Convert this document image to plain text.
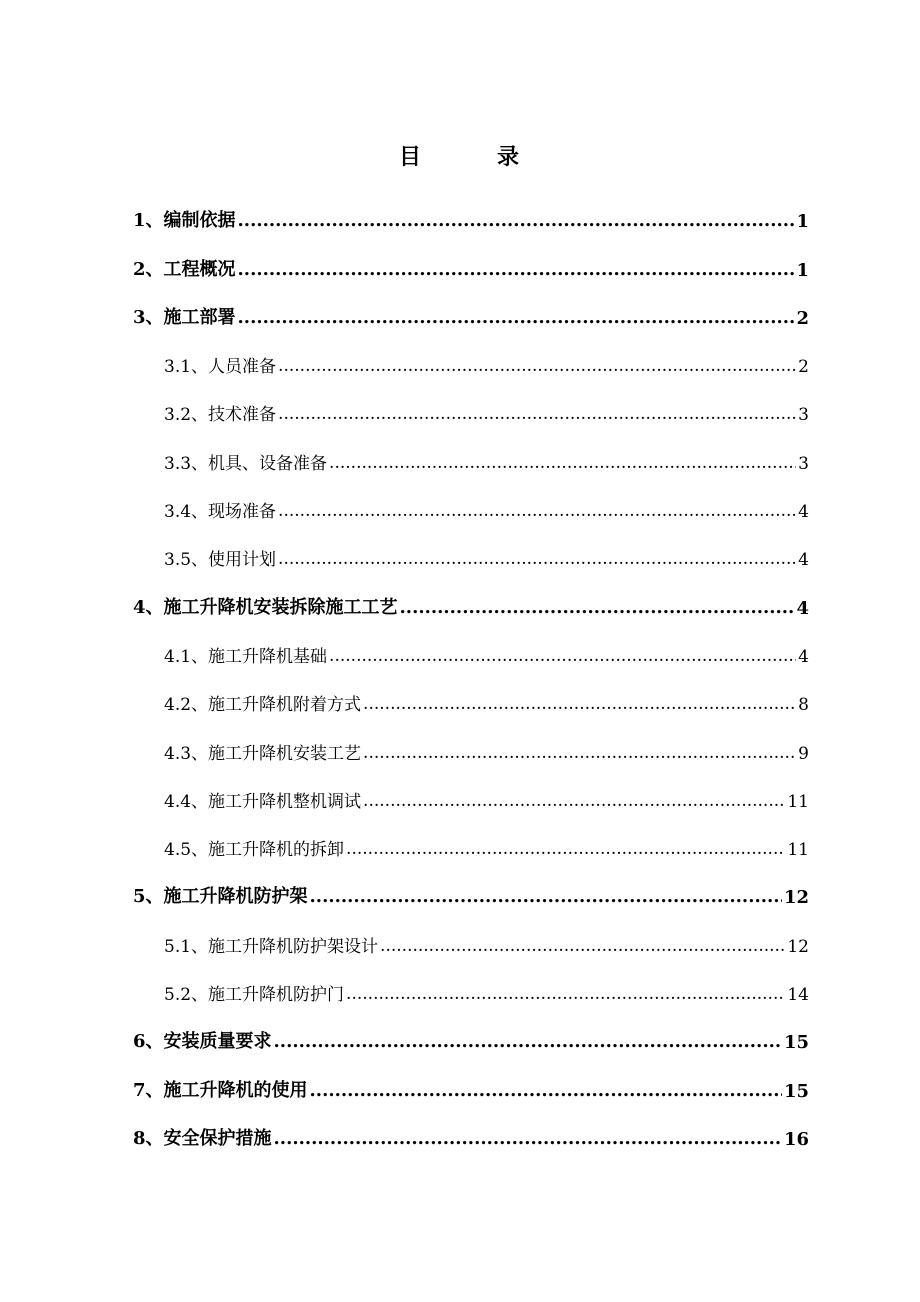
目	录
1、编制依据 .....	1
2、工程概况 .....	1
3、施工部署 .....	2
3.1、人员准备 .....	2
3.2、技术准备 .....	3
3.3、机具、设备准备 .....	3
3.4、现场准备 .....	4
3.5、使用计划 .....	4
4、施工升降机安装拆除施工工艺 .....	4
4.1、施工升降机基础 .....	4
4.2、施工升降机附着方式 .....	8
4.3、施工升降机安装工艺 .....	9
4.4、施工升降机整机调试 .....	11
4.5、施工升降机的拆卸 .....	11
5、施工升降机防护架 .....	12
5.1、施工升降机防护架设计 .....	12
5.2、施工升降机防护门 .....	14
6、安装质量要求 .....	15
7、施工升降机的使用 .....	15
8、安全保护措施 .....	16
